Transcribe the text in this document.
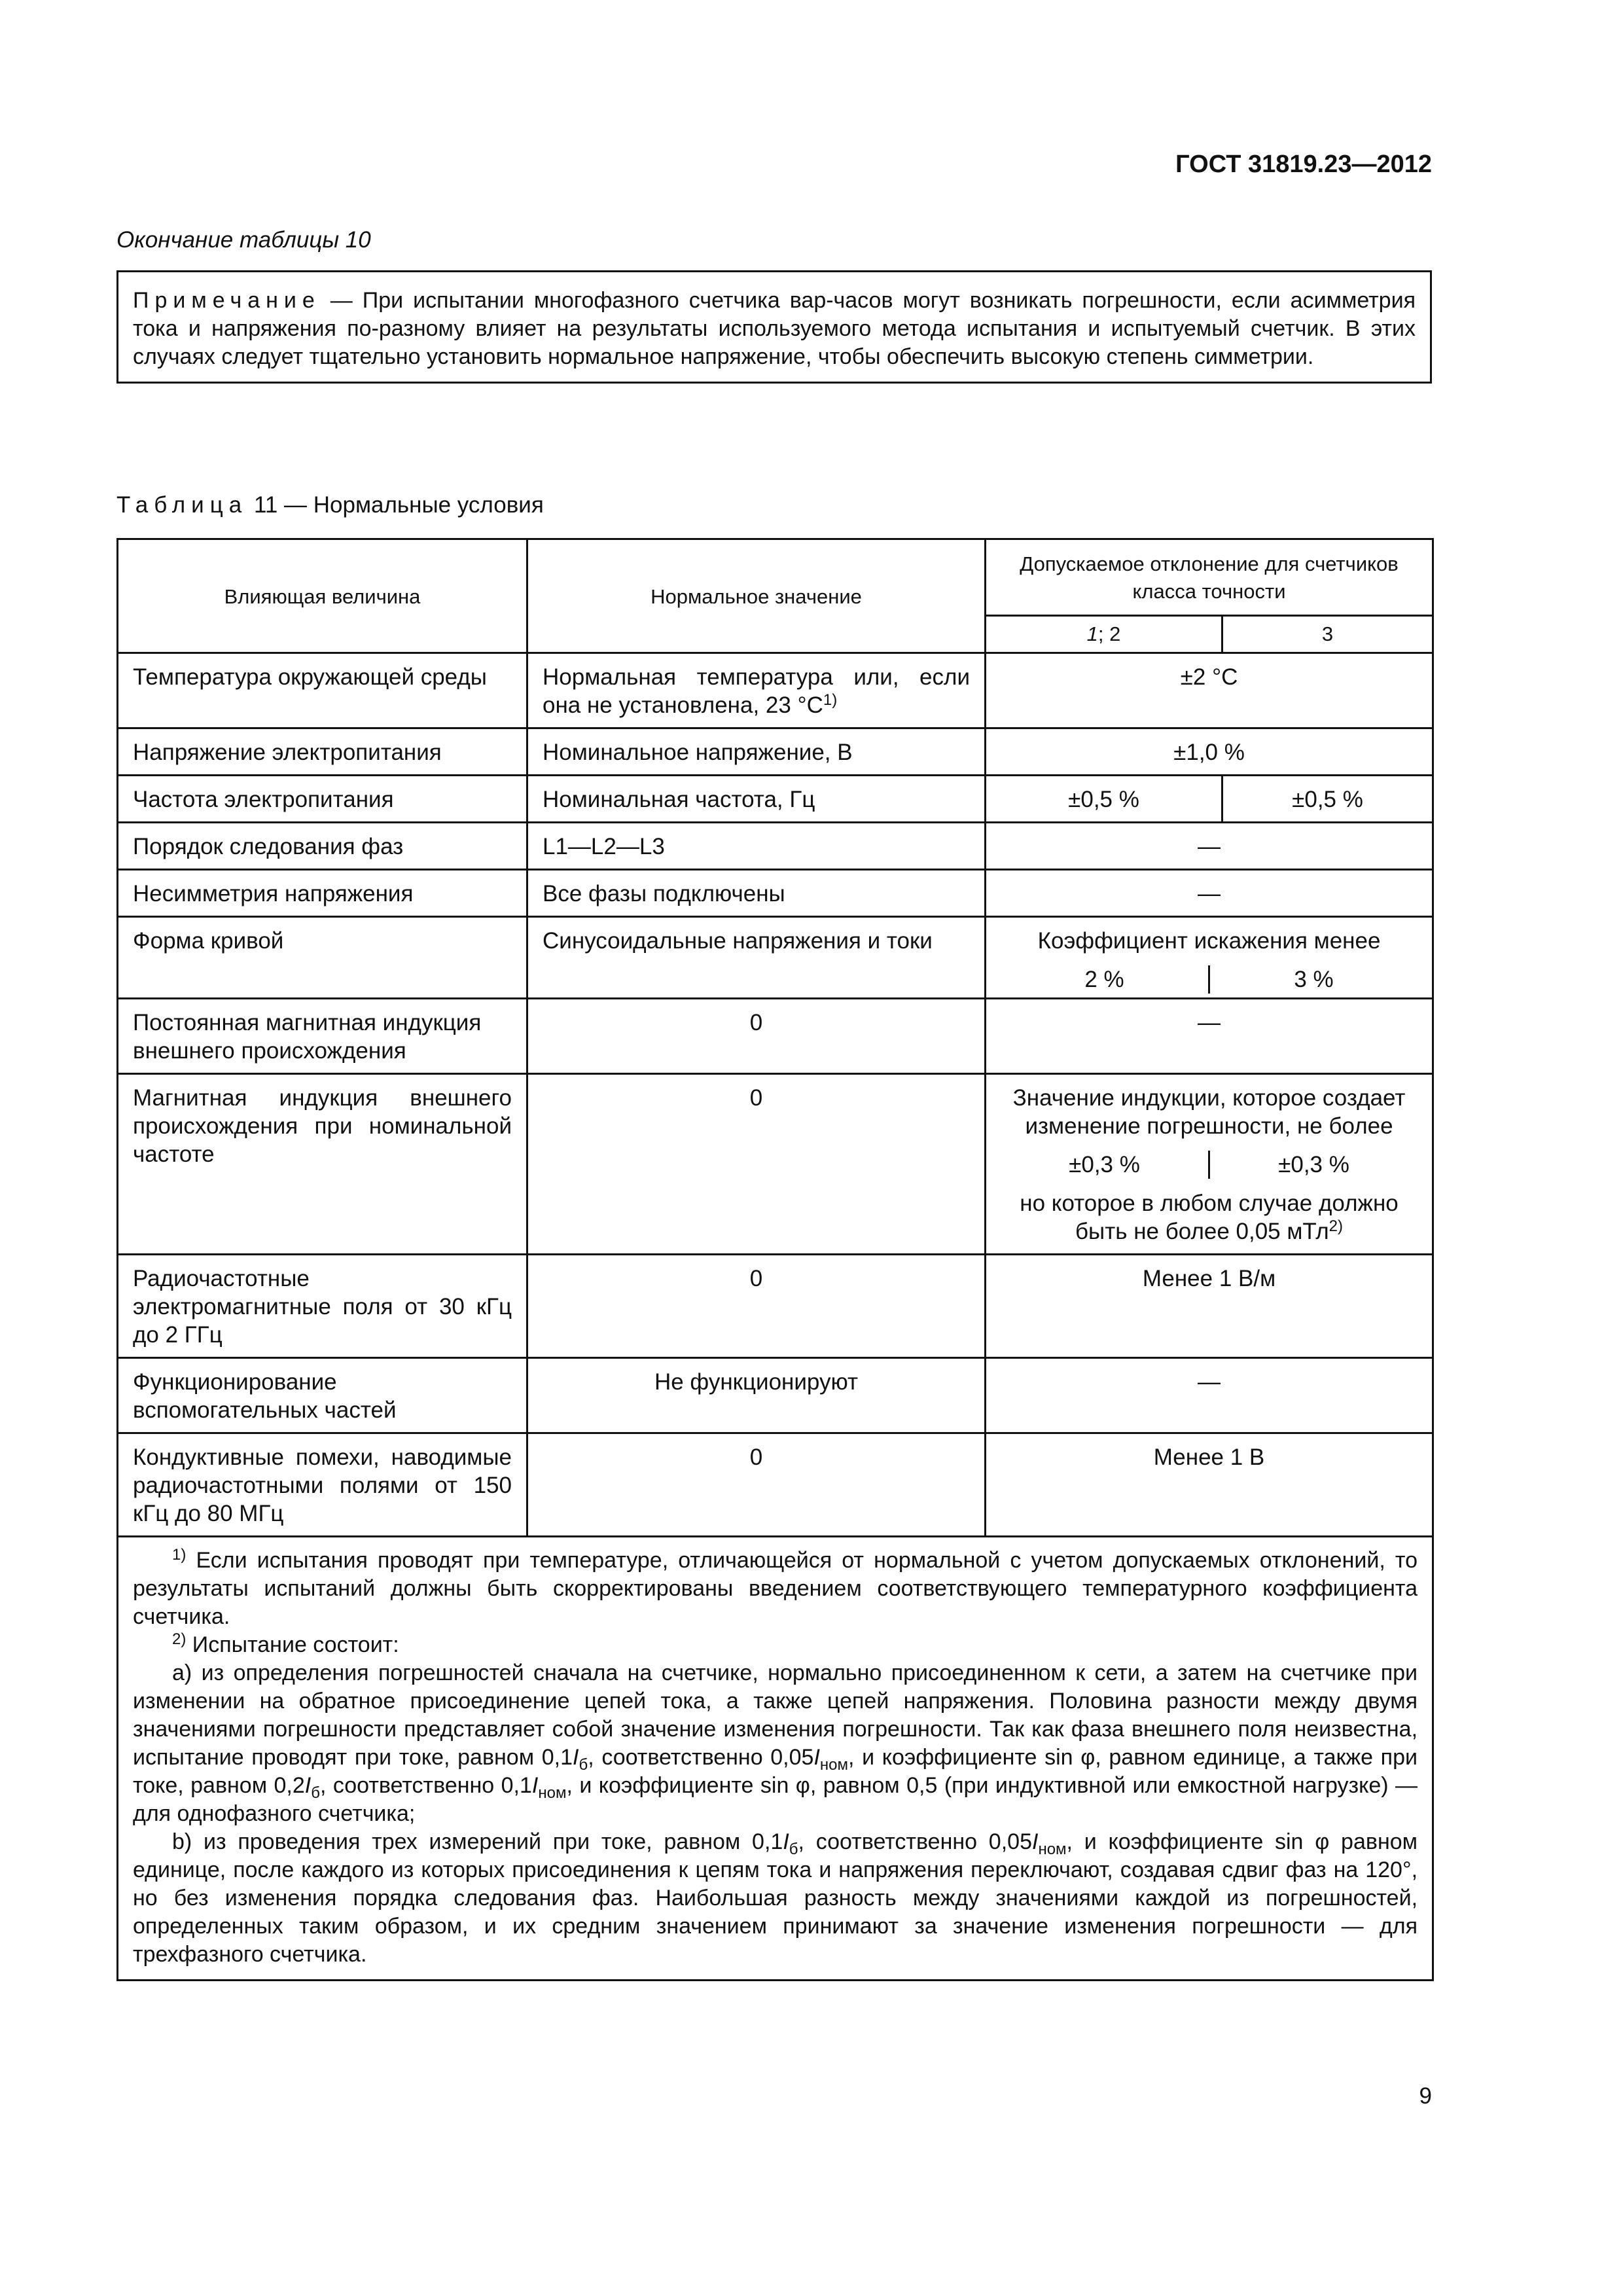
ГОСТ 31819.23—2012
Окончание таблицы 10
Примечание — При испытании многофазного счетчика вар-часов могут возникать погрешности, если асимметрия тока и напряжения по-разному влияет на результаты используемого метода испытания и испытуемый счетчик. В этих случаях следует тщательно установить нормальное напряжение, чтобы обеспечить высокую степень симметрии.
Таблица 11 — Нормальные условия
Влияющая величина	Нормальное значение	Допускаемое отклонение для счетчиков класса точности	
		1; 2	3
Температура окружающей среды	Нормальная температура или, если она не установлена, 23 $^\circ С^{1)}$	±2 °С	
Напряжение электропитания	Номинальное напряжение, В	±1,0 %	
Частота электропитания	Номинальная частота, Гц	±0,5 %	±0,5 %
Порядок следования фаз	L1—L2—L3	—	
Несимметрия напряжения	Все фазы подключены	—	
Форма кривой	Синусоидальные напряжения и токи	Коэффициент искажения менее
2 % 3 %	

Постоянная магнитная индукция внешнего происхождения	0	—	
Магнитная индукция внешнего происхождения при номинальной частоте	0	Значение индукции, которое создает изменение погрешности, не более
±0,3 % ±0,3 %
но которое в любом случае должно быть не более 0,05 мТл$^{2)}$

Радиочастотные электромагнитные поля от 30 кГц до 2 ГГц	0	Менее 1 В/м	
Функционирование вспомогательных частей	Не функционируют	—	
Кондуктивные помехи, наводимые радиочастотными полями от 150 кГц до 80 МГц	0	Менее 1 В	

$^{1)}$ Если испытания проводят при температуре, отличающейся от нормальной с учетом допускаемых отклонений, то результаты испытаний должны быть скорректированы введением соответствующего температурного коэффициента счетчика.

$^{2)}$ Испытание состоит:

а) из определения погрешностей сначала на счетчике, нормально присоединенном к сети, а затем на счетчике при изменении на обратное присоединение цепей тока, а также цепей напряжения. Половина разности между двумя значениями погрешности представляет собой значение изменения погрешности. Так как фаза внешнего поля неизвестна, испытание проводят при токе, равном $0,1I_б$, соответственно $0,05I_{ном}$, и коэффициенте sin φ, равном единице, а также при токе, равном $0,2I_б$, соответственно $0,1I_{ном}$, и коэффициенте sin φ, равном 0,5 (при индуктивной или емкостной нагрузке) — для однофазного счетчика;

b) из проведения трех измерений при токе, равном $0,1I_б$, соответственно $0,05I_{ном}$, и коэффициенте sin φ равном единице, после каждого из которых присоединения к цепям тока и напряжения переключают, создавая сдвиг фаз на 120°, но без изменения порядка следования фаз. Наибольшая разность между значениями каждой из погрешностей, определенных таким образом, и их средним значением принимают за значение изменения погрешности — для трехфазного счетчика.			

9
